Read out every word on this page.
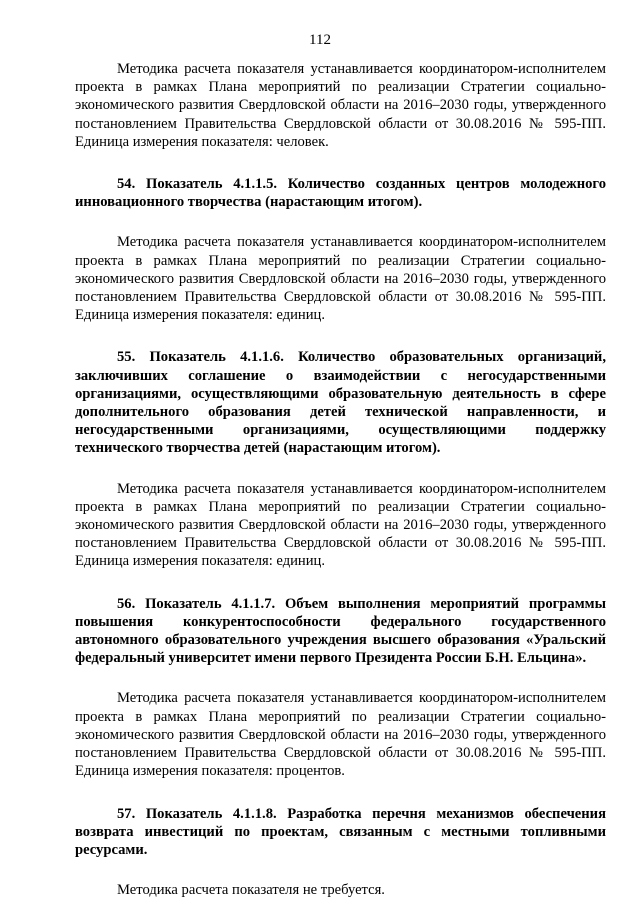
112

Методика расчета показателя устанавливается координатором-исполнителем проекта в рамках Плана мероприятий по реализации Стратегии социально-экономического развития Свердловской области на 2016–2030 годы, утвержденного постановлением Правительства Свердловской области от 30.08.2016 № 595-ПП. Единица измерения показателя: человек.

54. Показатель 4.1.1.5. Количество созданных центров молодежного инновационного творчества (нарастающим итогом).

Методика расчета показателя устанавливается координатором-исполнителем проекта в рамках Плана мероприятий по реализации Стратегии социально-экономического развития Свердловской области на 2016–2030 годы, утвержденного постановлением Правительства Свердловской области от 30.08.2016 № 595-ПП. Единица измерения показателя: единиц.

55. Показатель 4.1.1.6. Количество образовательных организаций, заключивших соглашение о взаимодействии с негосударственными организациями, осуществляющими образовательную деятельность в сфере дополнительного образования детей технической направленности, и негосударственными организациями, осуществляющими поддержку технического творчества детей (нарастающим итогом).

Методика расчета показателя устанавливается координатором-исполнителем проекта в рамках Плана мероприятий по реализации Стратегии социально-экономического развития Свердловской области на 2016–2030 годы, утвержденного постановлением Правительства Свердловской области от 30.08.2016 № 595-ПП. Единица измерения показателя: единиц.

56. Показатель 4.1.1.7. Объем выполнения мероприятий программы повышения конкурентоспособности федерального государственного автономного образовательного учреждения высшего образования «Уральский федеральный университет имени первого Президента России Б.Н. Ельцина».

Методика расчета показателя устанавливается координатором-исполнителем проекта в рамках Плана мероприятий по реализации Стратегии социально-экономического развития Свердловской области на 2016–2030 годы, утвержденного постановлением Правительства Свердловской области от 30.08.2016 № 595-ПП. Единица измерения показателя: процентов.

57. Показатель 4.1.1.8. Разработка перечня механизмов обеспечения возврата инвестиций по проектам, связанным с местными топливными ресурсами.

Методика расчета показателя не требуется.
